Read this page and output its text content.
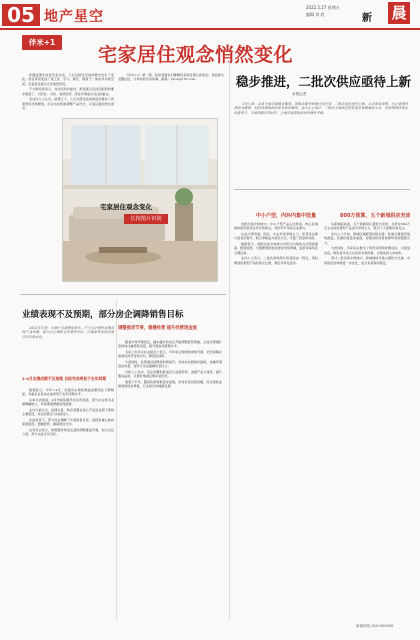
05 地产星空
2022.5.27 星期五
编辑 刘 欣	新 晨
伴米+1
宅家居住观念悄然变化

伴随疫情长时间宅家生活，人们对居住空间的要求发生了变化。居住场景变成了集工作、学习、娱乐、健身于一体的多功能空间，宅家居住观念正在悄然改变。

不少购房者表示，对住宅的功能性、舒适度以及社区配套的要求更高了，大阳台、书房、收纳空间、绿化环境成为关注的重点。

有业内人士认为，疫情之下，人们对居住品质的追求推动了改善型需求的释放，房企也在积极调整产品设计，以适应新的居住需求。

《伴米+1》第一期，和读者朋友们聊聊宅家居住观念的变化。欢迎参与话题讨论，分享你的宅家故事，邮箱：bjcsb@163.com。

宅家居住观念变化
长按图片识别
稳步推进，二批次供应亟待上新
本报记者
今年以来，北京土地市场稳步推进。首批次集中供地已经完成，二批次供应亟待上新。从目前情况看，房企拿地仍然较为谨慎，但对优质地块的竞争依旧激烈。业内人士预计，二批次土地供应将有更多优质地块入市，在政策持续优化的背景下，市场热度有望回升，土地市场将逐步回归理性平稳。
中小户型，内环内集中放量	800万预算，五个新城供应充沛

首批次集中供地中，中小户型产品占比较高，核心区域地块依然是房企争夺的焦点，竞价环节多家企业参与。

从成交情况看，国企、央企仍是拿地主力，民营房企参与度有所提升，联合拿地成为常见方式，分散了资金和风险。

数据显示，首批次成交地块中内环以内地块占比明显提高，配套成熟、交通便利的地块更受市场青睐，溢价率保持在合理区间。

业内人士表示，二批次供地预计将延续这一特点，同时增加改善型产品的供应比例，满足多样化需求。

从新城板块看，五个新城供应量较为充沛，总价在800万元左右的改善型产品成为市场主力，吸引了大量购房者关注。

业内人士分析，新城区域配套持续完善，轨道交通建设加快推进，区域价值逐步显现，对刚需和改善客群均有较强吸引力。

与此同时，多家房企推出了特价房源和优惠活动，以促进去化。购房者可结合自身需求和预算，合理选择入市时机。

预计二批次集中供地中，新城地块仍将占据较大比重，市场供应结构将进一步优化，成交有望保持稳定。

业绩表现不及预期，部分房企调降销售目标
2022年以来，房地产市场整体承压，不少房企销售业绩表现不及预期，部分房企调降全年销售目标，以更加务实的态度应对市场变化。
1-4月业绩成绩不及预期 目标完成率低于去年同期

数据显示，今年1-4月，百强房企销售操盘金额同比下降明显，多数企业目标完成率低于去年同期水平。

从单月表现看，4月份销售额环比有所回落，部分企业单月业绩降幅较大，市场观望情绪依然浓厚。

业内分析认为，疫情反复、购房者置业信心不足是业绩下滑的主要原因，房企回款压力持续加大。

在此背景下，部分房企调降了年度销售目标，将经营重心转向保现金流、稳健经营，确保项目交付。

也有房企表示，将根据市场变化适时调整推盘节奏，加大去化力度，努力完成全年目标。

调整推货节奏，稳健经营 提升经营现金流

随着市场环境变化，越来越多的房企开始调整经营策略，从追求规模扩张转向注重经营质量，提升现金流管理水平。

多家上市房企在业绩会上表示，今年将合理控制拿地节奏，优先保障在建项目的开发和交付，降低负债率。

与此同时，政策面持续释放积极信号，多地出台稳楼市措施，金融环境逐步改善，有助于房企缓解资金压力。

分析人士指出，房企需要积极适应行业新形势，加强产品力建设，提升服务品质，以更好地满足购房者需求。

展望下半年，随着政策效果逐步显现，市场有望企稳回暖，房企销售业绩或将迎来修复，行业将迈向健康发展。

新闻热线 010-000000
